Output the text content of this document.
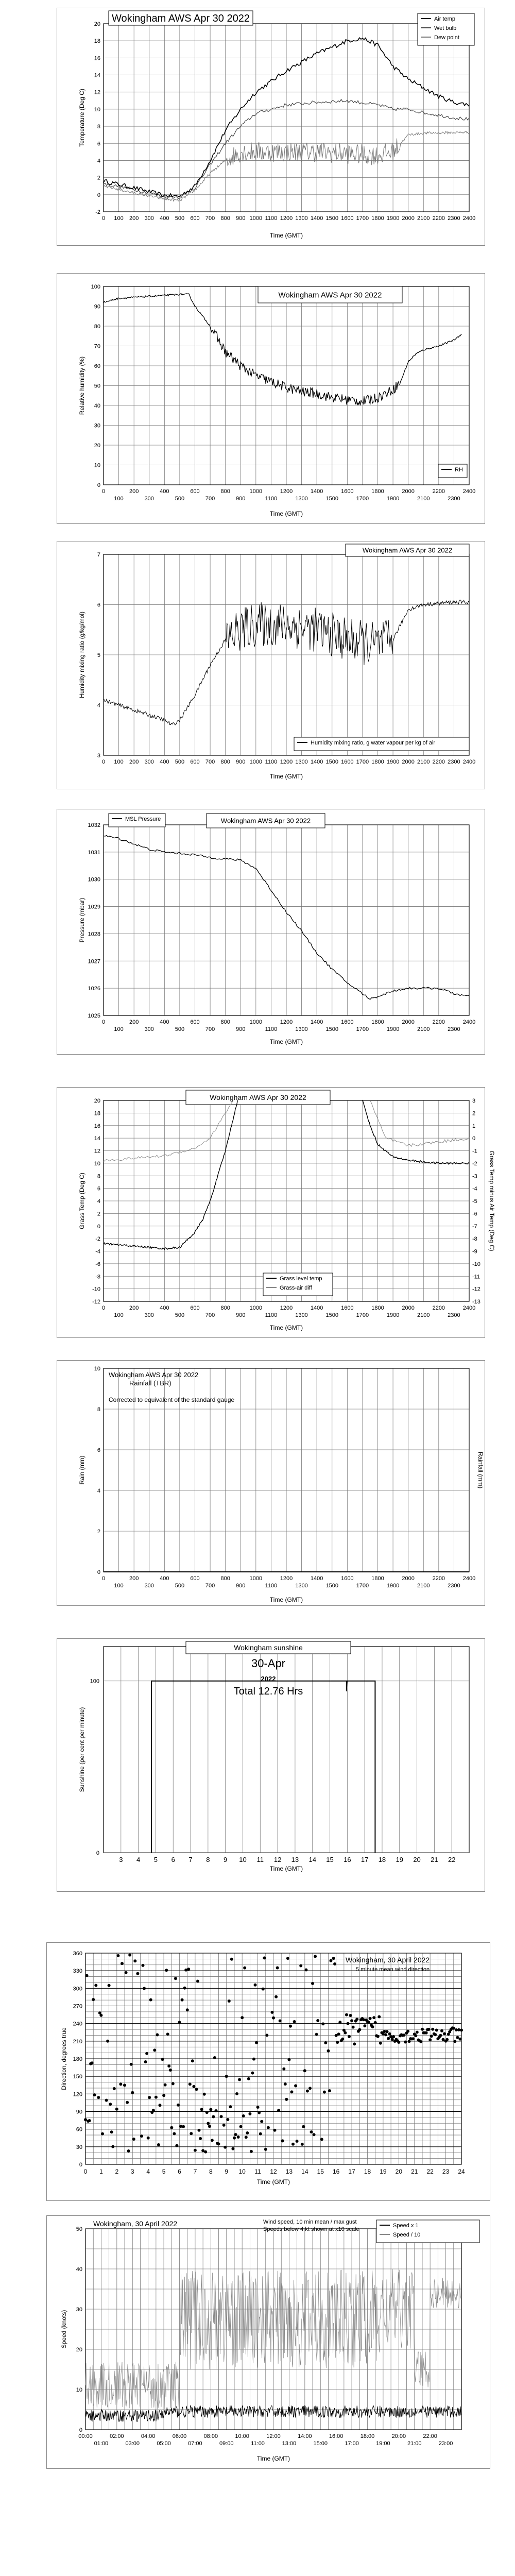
-2
0
2
4
6
8
10
12
14
16
18
20
0 100 200 300 400 500 600 700 800 900 1000 1100 1200 1300 1400 1500 1600 1700 1800 1900 2000 2100 2200 2300 2400
Time (GMT)
Temperature (Deg C)
Wokingham AWS Apr 30 2022	Air temp
Wet bulb
Dew point
0
10
20
30
40
50
60
70
80
90
100
0
100
200
300
400
500
600
700
800
900
1000
1100
1200
1300
1400
1500
1600
1700
1800
1900
2000
2100
2200
2300
2400
Time (GMT)
Relative humidity (%)
Wokingham AWS Apr 30 2022
RH
3
4
5
6
7
0 100 200 300 400 500 600 700 800 900 1000 1100 1200 1300 1400 1500 1600 1700 1800 1900 2000 2100 2200 2300 2400
Time (GMT)
Humidity mixing ratio (g/kg/mol)
Wokingham AWS Apr 30 2022
Humidity mixing ratio, g water vapour per kg of air
1025
1026
1027
1028
1029
1030
1031
1032
0
100
200
300
400
500
600
700
800
900
1000
1100
1200
1300
1400
1500
1600
1700
1800
1900
2000
2100
2200
2300
2400
Time (GMT)
Pressure (mbar)
Wokingham AWS Apr 30 2022
MSL Pressure
-12
-10
-8
-6
-4
-2
0
2
4
6
8
10
12
14
16
18
20
-13
-12
-11
-10
-9
-8
-7
-6
-5
-4
-3
-2
-1
0
1
2
3
0
100
200
300
400
500
600
700
800
900
1000
1100
1200
1300
1400
1500
1600
1700
1800
1900
2000
2100
2200
2300
2400
Time (GMT)
Grass Temp (Deg C)	Grass Temp minus Air Temp (Deg C)
Wokingham AWS Apr 30 2022
Grass level temp
Grass-air diff
0
2
4
6
8
10
0
100
200
300
400
500
600
700
800
900
1000
1100
1200
1300
1400
1500
1600
1700
1800
1900
2000
2100
2200
2300
2400
Time (GMT)
Rain (mm)	Rainfall (mm)
Wokingham AWS Apr 30 2022
Rainfall (TBR)
Corrected to equivalent of the standard gauge
3 4 5 6 7 8 9 10 11 12 13 14 15 16 17 18 19 20 21 22
0
100
Time (GMT)
Sunshine (per cent per minute)
Wokingham sunshine
30-Apr
2022
Total 12.76 Hrs
0
30
60
90
120
150
180
210
240
270
300
330
360
0 1 2 3 4 5 6 7 8 9 10 11 12 13 14 15 16 17 18 19 20 21 22 23 24
Time (GMT)
Direction, degrees true
Wokingham, 30 April 2022
5 minute mean wind direction
0
10
20
30
40
50
00:00
01:00
02:00
03:00
04:00
05:00
06:00
07:00
08:00
09:00
10:00
11:00
12:00
13:00
14:00
15:00
16:00
17:00
18:00
19:00
20:00
21:00
22:00
23:00
Time (GMT)
Speed (knots)
Wokingham, 30 April 2022	Wind speed, 10 min mean / max gust
Speeds below 4 kt shown at x10 scale
Speed x 1
Speed / 10
